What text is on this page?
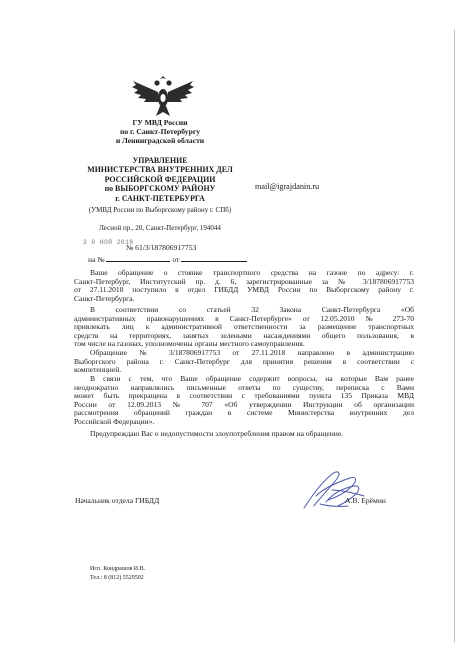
ГУ МВД России
по г. Санкт-Петербургу
и Ленинградской области
УПРАВЛЕНИЕ
МИНИСТЕРСТВА ВНУТРЕННИХ ДЕЛ
РОССИЙСКОЙ ФЕДЕРАЦИИ
по ВЫБОРГСКОМУ РАЙОНУ
г. САНКТ-ПЕТЕРБУРГА
(УМВД России по Выборгскому району г. СПб)
Лесной пр., 20, Санкт-Петербург, 194044
mail@igrajdanin.ru
3 0 НОЯ 2018
№ 61/3/187806917753
на №	от
Ваше обращение о стоянке транспортного средства на газоне по адресу: г.
Санкт-Петербург, Институтский пр. д. 6, зарегистрированные за № 3/187806917753
от 27.11.2018 поступило в отдел ГИБДД УМВД России по Выборгскому району г.
Санкт-Петербурга.
В соответствии со статьей 32 Закона Санкт-Петербурга «Об
административных правонарушениях в Санкт-Петербурге» от 12.05.2010 № 273-70
привлекать лиц к административной ответственности за размещение транспортных
средств на территориях, занятых зелеными насаждениями общего пользования, в
том числе на газонах, уполномочены органы местного самоуправления.
Обращение № 3/187806917753 от 27.11.2018 направлено в администрацию
Выборгского района г. Санкт-Петербург для принятия решения в соответствии с
компетенцией.
В связи с тем, что Ваше обращение содержит вопросы, на которые Вам ранее
неоднократно направлялись письменные ответы по существу, переписка с Вами
может быть прекращена в соответствии с требованиями пункта 135 Приказа МВД
России от 12.09.2013 № 707 «Об утверждении Инструкции об организации
рассмотрения обращений граждан в системе Министерства внутренних дел
Российской Федерации».
Предупреждаю Вас о недопустимости злоупотребления правом на обращение.
Начальник отдела ГИБДД	А.В. Ерёмин
Исп. Кондрашов И.В.
Тел.: 8 (812) 5529502
